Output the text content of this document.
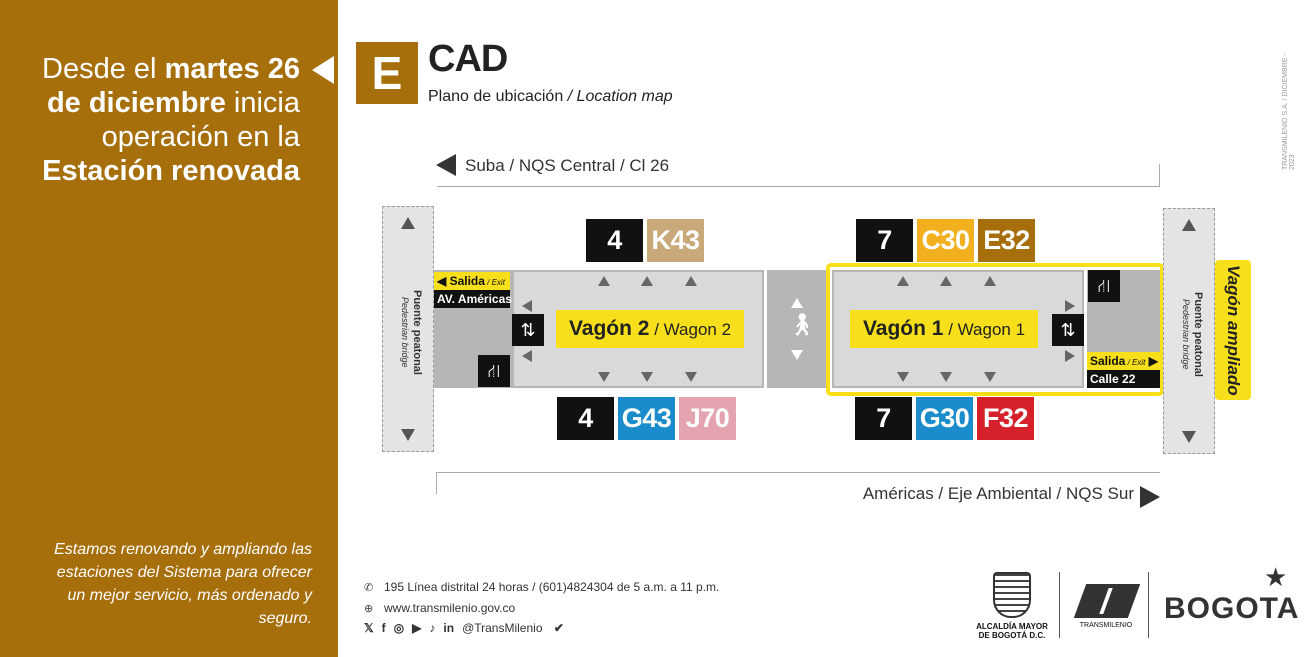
Desde el martes 26
de diciembre inicia
operación en la
Estación renovada
Estamos renovando y ampliando las estaciones del Sistema para ofrecer un mejor servicio, más ordenado y seguro.
E CAD
Plano de ubicación / Location map	TRANSMILENIO S.A. / DICIEMBRE - 2023
Suba / NQS Central / Cl 26
Américas / Eje Ambiental / NQS Sur
Puente peatonal
Pedestrian bridge
◀ Salida / Exit
AV. Américas
⛙
⇅	Vagón 2 / Wagon 2	🚶︎	⇅
Vagón 1 / Wagon 1
⛙
Salida / Exit ▶
Calle 22
Puente peatonal
Pedestrian bridge Vagón ampliado
4	K43
4	G43 J70
7	C30 E32
7	G30 F32
✆ 195 Línea distrital 24 horas / (601)4824304 de 5 a.m. a 11 p.m.
⊕ www.transmilenio.gov.co
𝕏 f ◎ ▶ ♪ in @TransMilenio ✔	ALCALDÍA MAYOR DE BOGOTÁ D.C.
TRANSMILENIO
BOGOTA
★
